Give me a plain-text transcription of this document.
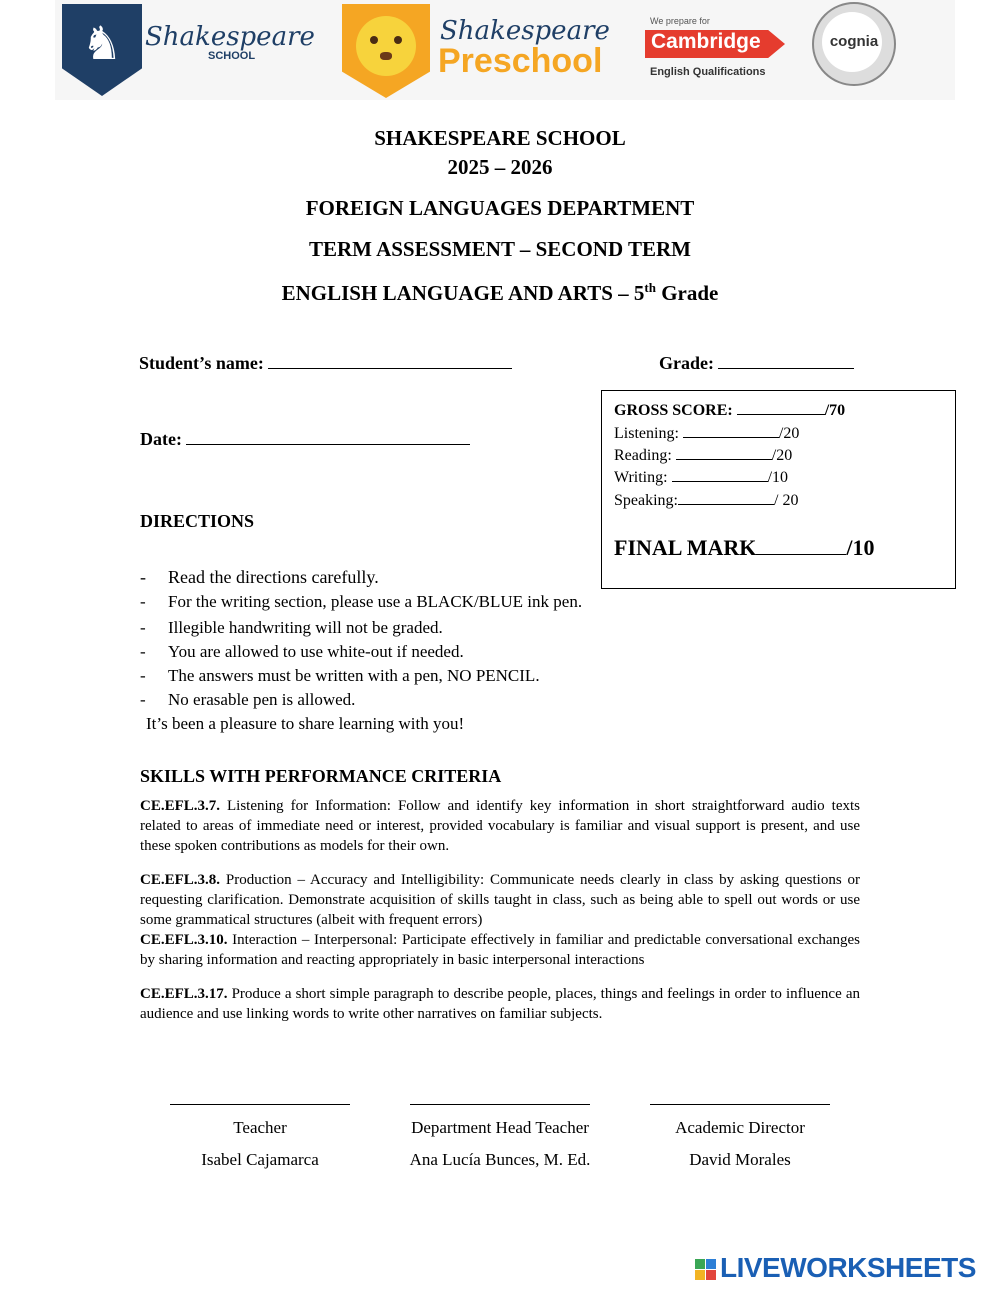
♞ Shakespeare
SCHOOL
Shakespeare
Preschool
We prepare for
Cambridge
English Qualifications
cognia
SHAKESPEARE SCHOOL
2025 – 2026
FOREIGN LANGUAGES DEPARTMENT
TERM ASSESSMENT – SECOND TERM
ENGLISH LANGUAGE AND ARTS – 5th Grade
Student’s name:	Grade:
Date:
GROSS SCORE:	/70
Listening:	/20
Reading:	/20
Writing:	/10
Speaking:	/ 20
FINAL MARK	/10
DIRECTIONS
- Read the directions carefully.
- For the writing section, please use a BLACK/BLUE ink pen.
- Illegible handwriting will not be graded.
- You are allowed to use white-out if needed.
- The answers must be written with a pen, NO PENCIL.
- No erasable pen is allowed.
It’s been a pleasure to share learning with you!
SKILLS WITH PERFORMANCE CRITERIA
CE.EFL.3.7. Listening for Information: Follow and identify key information in short straightforward audio texts related to areas of immediate need or interest, provided vocabulary is familiar and visual support is present, and use these spoken contributions as models for their own.
CE.EFL.3.8. Production – Accuracy and Intelligibility: Communicate needs clearly in class by asking questions or requesting clarification. Demonstrate acquisition of skills taught in class, such as being able to spell out words or use some grammatical structures (albeit with frequent errors)
CE.EFL.3.10. Interaction – Interpersonal: Participate effectively in familiar and predictable conversational exchanges by sharing information and reacting appropriately in basic interpersonal interactions
CE.EFL.3.17. Produce a short simple paragraph to describe people, places, things and feelings in order to influence an audience and use linking words to write other narratives on familiar subjects.
Teacher	Department Head Teacher	Academic Director
Isabel Cajamarca	Ana Lucía Bunces, M. Ed.	David Morales
LIVEWORKSHEETS
